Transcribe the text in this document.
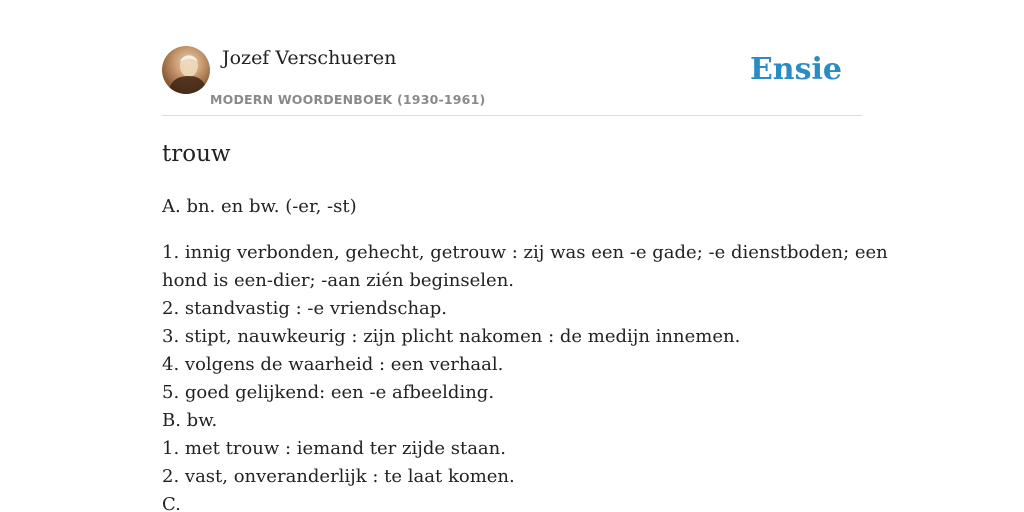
Jozef Verschueren
MODERN WOORDENBOEK (1930-1961)
Ensie
trouw
A. bn. en bw. (-er, -st)
1. innig verbonden, gehecht, getrouw : zij was een -e gade; -e dienstboden; een
hond is een-dier; -aan zién beginselen.
2. standvastig : -e vriendschap.
3. stipt, nauwkeurig : zijn plicht nakomen : de medijn innemen.
4. volgens de waarheid : een verhaal.
5. goed gelijkend: een -e afbeelding.
B. bw.
1. met trouw : iemand ter zijde staan.
2. vast, onveranderlijk : te laat komen.
C.
